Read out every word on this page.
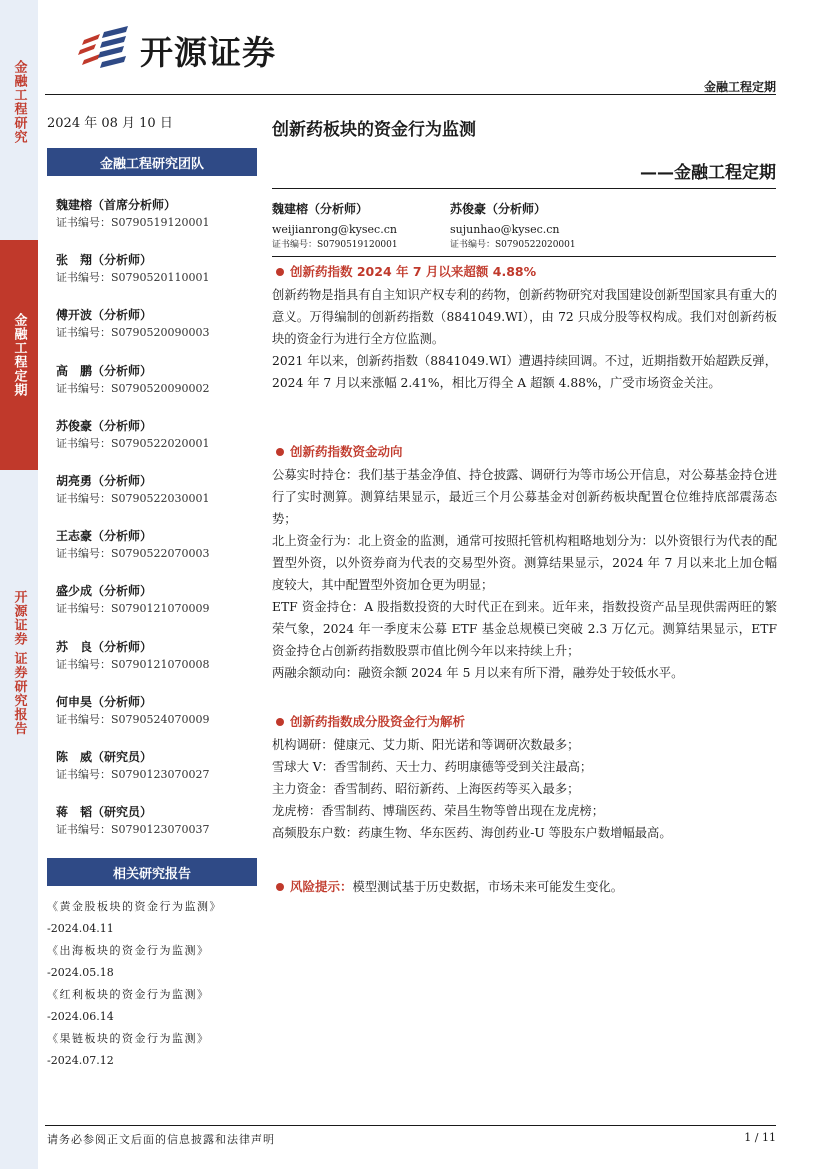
金融工程研究
金融工程定期
开源证券 证券研究报告
开源证券
金融工程定期
2024 年 08 月 10 日
金融工程研究团队
魏建榕（首席分析师）
证书编号：S0790519120001
张　翔（分析师）
证书编号：S0790520110001
傅开波（分析师）
证书编号：S0790520090003
高　鹏（分析师）
证书编号：S0790520090002
苏俊豪（分析师）
证书编号：S0790522020001
胡亮勇（分析师）
证书编号：S0790522030001
王志豪（分析师）
证书编号：S0790522070003
盛少成（分析师）
证书编号：S0790121070009
苏　良（分析师）
证书编号：S0790121070008
何申昊（分析师）
证书编号：S0790524070009
陈　威（研究员）
证书编号：S0790123070027
蒋　韬（研究员）
证书编号：S0790123070037
相关研究报告
《黄金股板块的资金行为监测》
-2024.04.11
《出海板块的资金行为监测》
-2024.05.18
《红利板块的资金行为监测》
-2024.06.14
《果链板块的资金行为监测》
-2024.07.12
创新药板块的资金行为监测
——金融工程定期
魏建榕（分析师）
weijianrong@kysec.cn
证书编号：S0790519120001
苏俊豪（分析师）
sujunhao@kysec.cn
证书编号：S0790522020001
创新药指数 2024 年 7 月以来超额 4.88%
创新药物是指具有自主知识产权专利的药物，创新药物研究对我国建设创新型国家具有重大的意义。万得编制的创新药指数（8841049.WI），由 72 只成分股等权构成。我们对创新药板块的资金行为进行全方位监测。
2021 年以来，创新药指数（8841049.WI）遭遇持续回调。不过，近期指数开始超跌反弹，2024 年 7 月以来涨幅 2.41%，相比万得全 A 超额 4.88%，广受市场资金关注。
创新药指数资金动向
公募实时持仓：我们基于基金净值、持仓披露、调研行为等市场公开信息，对公募基金持仓进行了实时测算。测算结果显示，最近三个月公募基金对创新药板块配置仓位维持底部震荡态势；
北上资金行为：北上资金的监测，通常可按照托管机构粗略地划分为：以外资银行为代表的配置型外资，以外资券商为代表的交易型外资。测算结果显示，2024 年 7 月以来北上加仓幅度较大，其中配置型外资加仓更为明显；
ETF 资金持仓：A 股指数投资的大时代正在到来。近年来，指数投资产品呈现供需两旺的繁荣气象，2024 年一季度末公募 ETF 基金总规模已突破 2.3 万亿元。测算结果显示，ETF 资金持仓占创新药指数股票市值比例今年以来持续上升；
两融余额动向：融资余额 2024 年 5 月以来有所下滑，融券处于较低水平。
创新药指数成分股资金行为解析
机构调研：健康元、艾力斯、阳光诺和等调研次数最多；
雪球大 V：香雪制药、天士力、药明康德等受到关注最高；
主力资金：香雪制药、昭衍新药、上海医药等买入最多；
龙虎榜：香雪制药、博瑞医药、荣昌生物等曾出现在龙虎榜；
高频股东户数：药康生物、华东医药、海创药业-U 等股东户数增幅最高。
风险提示： 模型测试基于历史数据，市场未来可能发生变化。
请务必参阅正文后面的信息披露和法律声明	1 / 11
